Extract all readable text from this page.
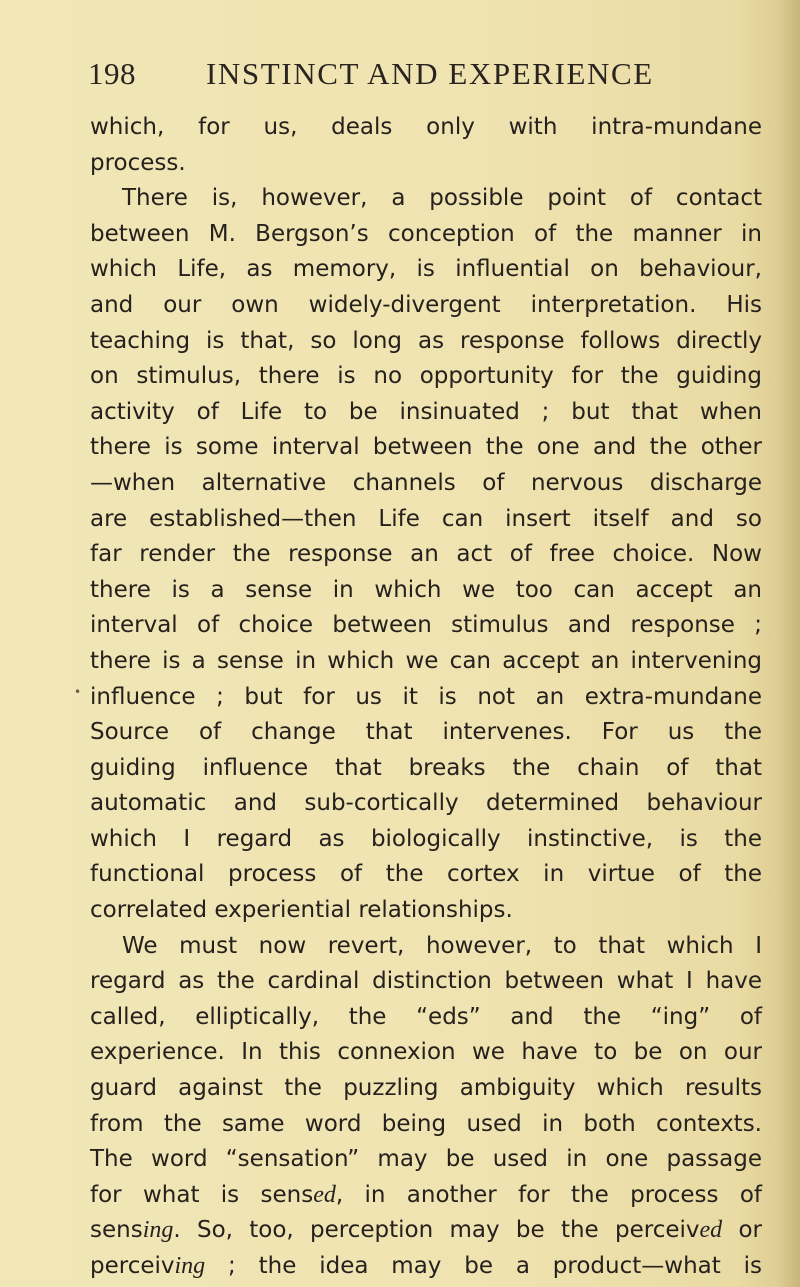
198 INSTINCT AND EXPERIENCE
•
which, for us, deals only with intra-mundane
process.
There is, however, a possible point of contact
between M. Bergson’s conception of the manner in
which Life, as memory, is influential on behaviour,
and our own widely-divergent interpretation. His
teaching is that, so long as response follows directly
on stimulus, there is no opportunity for the guiding
activity of Life to be insinuated ; but that when
there is some interval between the one and the other
—when alternative channels of nervous discharge
are established—then Life can insert itself and so
far render the response an act of free choice. Now
there is a sense in which we too can accept an
interval of choice between stimulus and response ;
there is a sense in which we can accept an intervening
influence ; but for us it is not an extra-mundane
Source of change that intervenes. For us the
guiding influence that breaks the chain of that
automatic and sub-cortically determined behaviour
which I regard as biologically instinctive, is the
functional process of the cortex in virtue of the
correlated experiential relationships.
We must now revert, however, to that which I
regard as the cardinal distinction between what I have
called, elliptically, the “eds” and the “ing” of
experience. In this connexion we have to be on our
guard against the puzzling ambiguity which results
from the same word being used in both contexts.
The word “sensation” may be used in one passage
for what is sensed, in another for the process of
sensing. So, too, perception may be the perceived or
perceiving ; the idea may be a product—what is
